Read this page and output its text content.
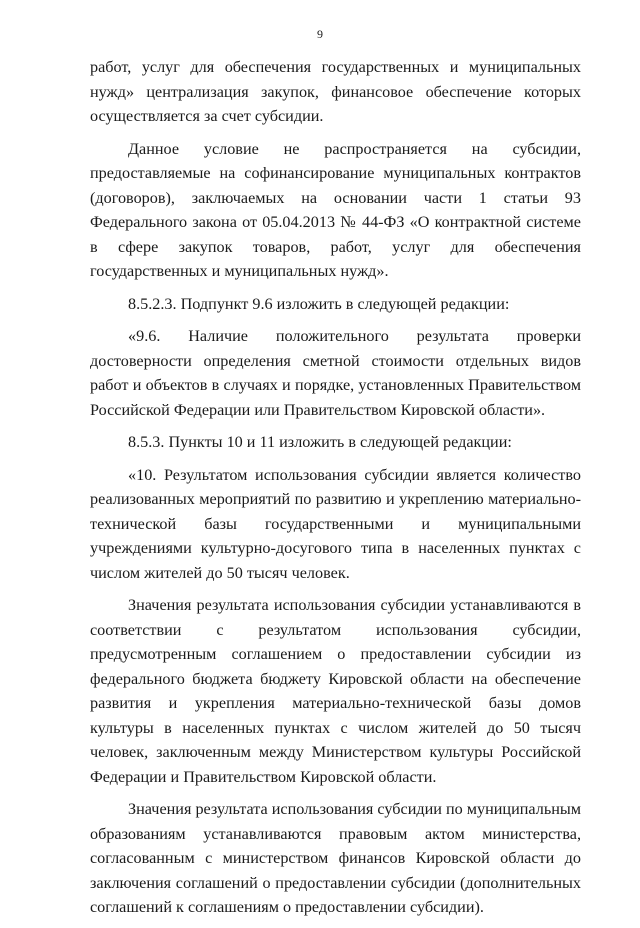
9

работ, услуг для обеспечения государственных и муниципальных нужд» централизация закупок, финансовое обеспечение которых осуществляется за счет субсидии.

Данное условие не распространяется на субсидии, предоставляемые на софинансирование муниципальных контрактов (договоров), заключаемых на основании части 1 статьи 93 Федерального закона от 05.04.2013 № 44-ФЗ «О контрактной системе в сфере закупок товаров, работ, услуг для обеспечения государственных и муниципальных нужд».

8.5.2.3. Подпункт 9.6 изложить в следующей редакции:

«9.6. Наличие положительного результата проверки достоверности определения сметной стоимости отдельных видов работ и объектов в случаях и порядке, установленных Правительством Российской Федерации или Правительством Кировской области».

8.5.3. Пункты 10 и 11 изложить в следующей редакции:

«10. Результатом использования субсидии является количество реализованных мероприятий по развитию и укреплению материально-технической базы государственными и муниципальными учреждениями культурно-досугового типа в населенных пунктах с числом жителей до 50 тысяч человек.

Значения результата использования субсидии устанавливаются в соответствии с результатом использования субсидии, предусмотренным соглашением о предоставлении субсидии из федерального бюджета бюджету Кировской области на обеспечение развития и укрепления материально-технической базы домов культуры в населенных пунктах с числом жителей до 50 тысяч человек, заключенным между Министерством культуры Российской Федерации и Правительством Кировской области.

Значения результата использования субсидии по муниципальным образованиям устанавливаются правовым актом министерства, согласованным с министерством финансов Кировской области до заключения соглашений о предоставлении субсидии (дополнительных соглашений к соглашениям о предоставлении субсидии).
